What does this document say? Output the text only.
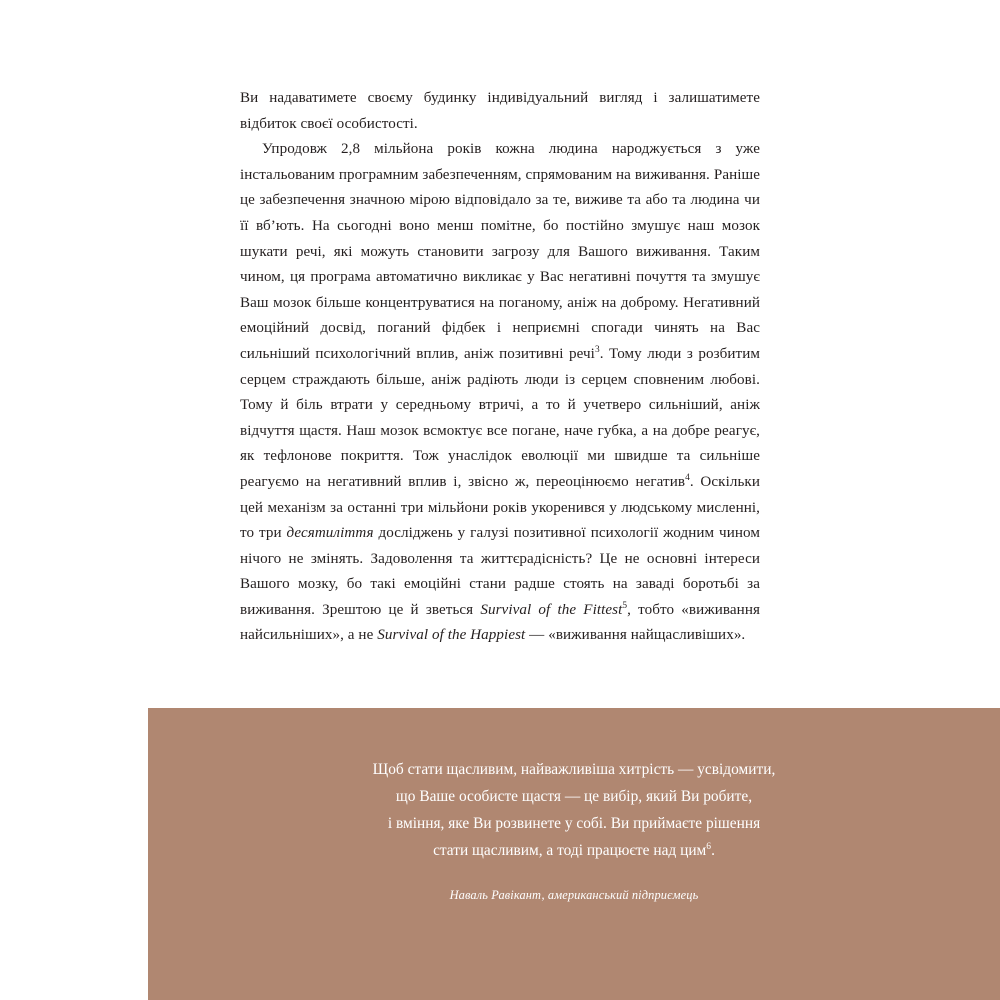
Ви надаватимете своєму будинку індивідуальний вигляд і залишатимете відбиток своєї особистості.

Упродовж 2,8 мільйона років кожна людина народжується з уже інстальованим програмним забезпеченням, спрямованим на виживання. Раніше це забезпечення значною мірою відповідало за те, виживе та або та людина чи її вб’ють. На сьогодні воно менш помітне, бо постійно змушує наш мозок шукати речі, які можуть становити загрозу для Вашого виживання. Таким чином, ця програма автоматично викликає у Вас негативні почуття та змушує Ваш мозок більше концентруватися на поганому, аніж на доброму. Негативний емоційний досвід, поганий фідбек і неприємні спогади чинять на Вас сильніший психологічний вплив, аніж позитивні речі$^3$. Тому люди з розбитим серцем страждають більше, аніж радіють люди із серцем сповненим любові. Тому й біль втрати у середньому втричі, а то й учетверо сильніший, аніж відчуття щастя. Наш мозок всмоктує все погане, наче губка, а на добре реагує, як тефлонове покриття. Тож унаслідок еволюції ми швидше та сильніше реагуємо на негативний вплив і, звісно ж, переоцінюємо негатив$^4$. Оскільки цей механізм за останні три мільйони років укоренився у людському мисленні, то три десятиліття досліджень у галузі позитивної психології жодним чином нічого не змінять. Задоволення та життєрадісність? Це не основні інтереси Вашого мозку, бо такі емоційні стани радше стоять на заваді боротьбі за виживання. Зрештою це й зветься Survival of the Fittest$^5$, тобто «виживання найсильніших», а не Survival of the Happiest — «виживання найщасливіших».

Щоб стати щасливим, найважливіша хитрість — усвідомити,
що Ваше особисте щастя — це вибір, який Ви робите,
і вміння, яке Ви розвинете у собі. Ви приймаєте рішення
стати щасливим, а тоді працюєте над цим$^6$.

Наваль Равікант, американський підприємець
